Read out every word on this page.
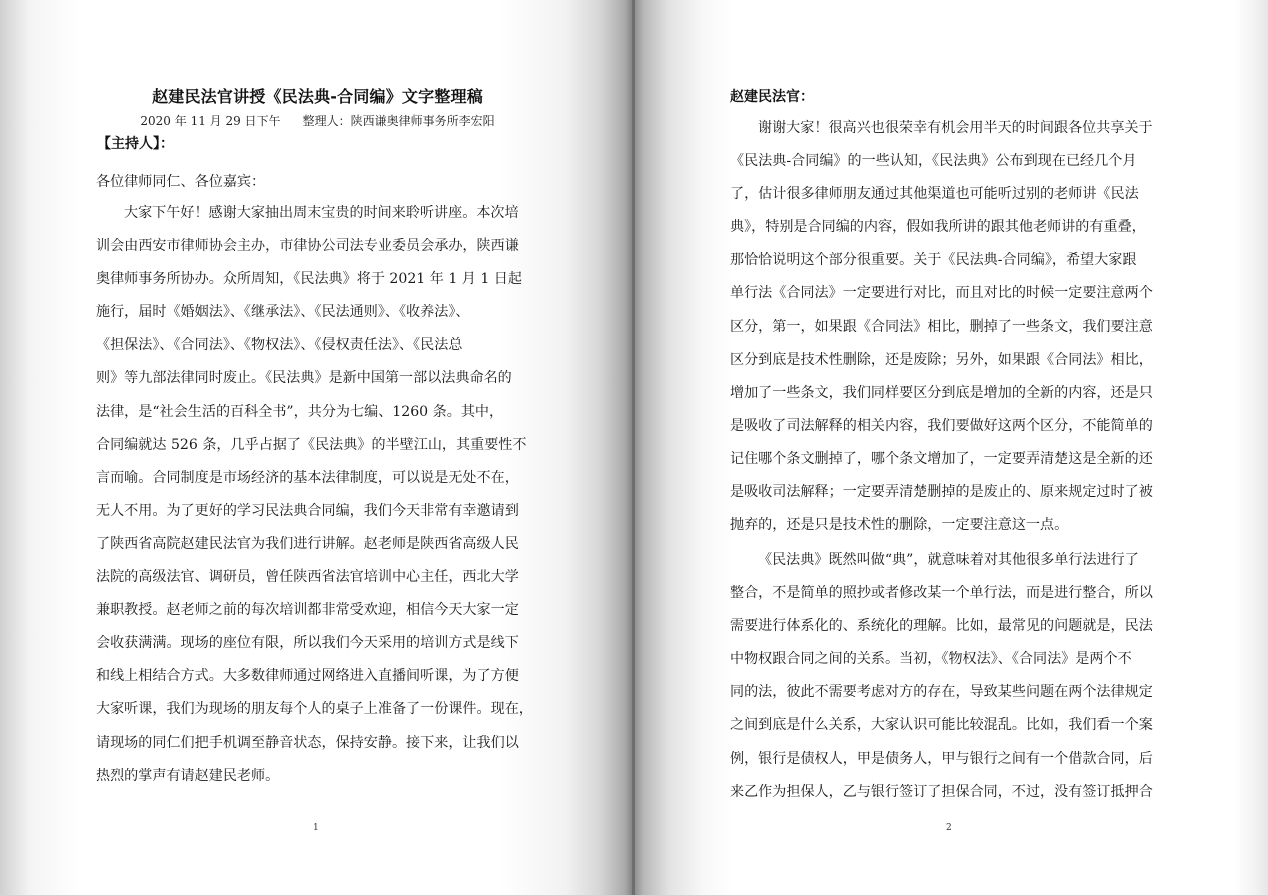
赵建民法官讲授《民法典-合同编》文字整理稿
2020 年 11 月 29 日下午 整理人：陕西谦奥律师事务所李宏阳
【主持人】：
各位律师同仁、各位嘉宾：
大家下午好！感谢大家抽出周末宝贵的时间来聆听讲座。本次培
训会由西安市律师协会主办，市律协公司法专业委员会承办，陕西谦
奥律师事务所协办。众所周知，《民法典》将于 2021 年 1 月 1 日起
施行，届时《婚姻法》、《继承法》、《民法通则》、《收养法》、
《担保法》、《合同法》、《物权法》、《侵权责任法》、《民法总
则》等九部法律同时废止。《民法典》是新中国第一部以法典命名的
法律，是“社会生活的百科全书”，共分为七编、1260 条。其中，
合同编就达 526 条，几乎占据了《民法典》的半壁江山，其重要性不
言而喻。合同制度是市场经济的基本法律制度，可以说是无处不在，
无人不用。为了更好的学习民法典合同编，我们今天非常有幸邀请到
了陕西省高院赵建民法官为我们进行讲解。赵老师是陕西省高级人民
法院的高级法官、调研员，曾任陕西省法官培训中心主任，西北大学
兼职教授。赵老师之前的每次培训都非常受欢迎，相信今天大家一定
会收获满满。现场的座位有限，所以我们今天采用的培训方式是线下
和线上相结合方式。大多数律师通过网络进入直播间听课，为了方便
大家听课，我们为现场的朋友每个人的桌子上准备了一份课件。现在，
请现场的同仁们把手机调至静音状态，保持安静。接下来，让我们以
热烈的掌声有请赵建民老师。
1
赵建民法官：
谢谢大家！很高兴也很荣幸有机会用半天的时间跟各位共享关于
《民法典-合同编》的一些认知，《民法典》公布到现在已经几个月
了，估计很多律师朋友通过其他渠道也可能听过别的老师讲《民法
典》，特别是合同编的内容，假如我所讲的跟其他老师讲的有重叠，
那恰恰说明这个部分很重要。关于《民法典-合同编》，希望大家跟
单行法《合同法》一定要进行对比，而且对比的时候一定要注意两个
区分，第一，如果跟《合同法》相比，删掉了一些条文，我们要注意
区分到底是技术性删除，还是废除；另外，如果跟《合同法》相比，
增加了一些条文，我们同样要区分到底是增加的全新的内容，还是只
是吸收了司法解释的相关内容，我们要做好这两个区分，不能简单的
记住哪个条文删掉了，哪个条文增加了，一定要弄清楚这是全新的还
是吸收司法解释；一定要弄清楚删掉的是废止的、原来规定过时了被
抛弃的，还是只是技术性的删除，一定要注意这一点。
《民法典》既然叫做“典”，就意味着对其他很多单行法进行了
整合，不是简单的照抄或者修改某一个单行法，而是进行整合，所以
需要进行体系化的、系统化的理解。比如，最常见的问题就是，民法
中物权跟合同之间的关系。当初，《物权法》、《合同法》是两个不
同的法，彼此不需要考虑对方的存在，导致某些问题在两个法律规定
之间到底是什么关系，大家认识可能比较混乱。比如，我们看一个案
例，银行是债权人，甲是债务人，甲与银行之间有一个借款合同，后
来乙作为担保人，乙与银行签订了担保合同，不过，没有签订抵押合
2
